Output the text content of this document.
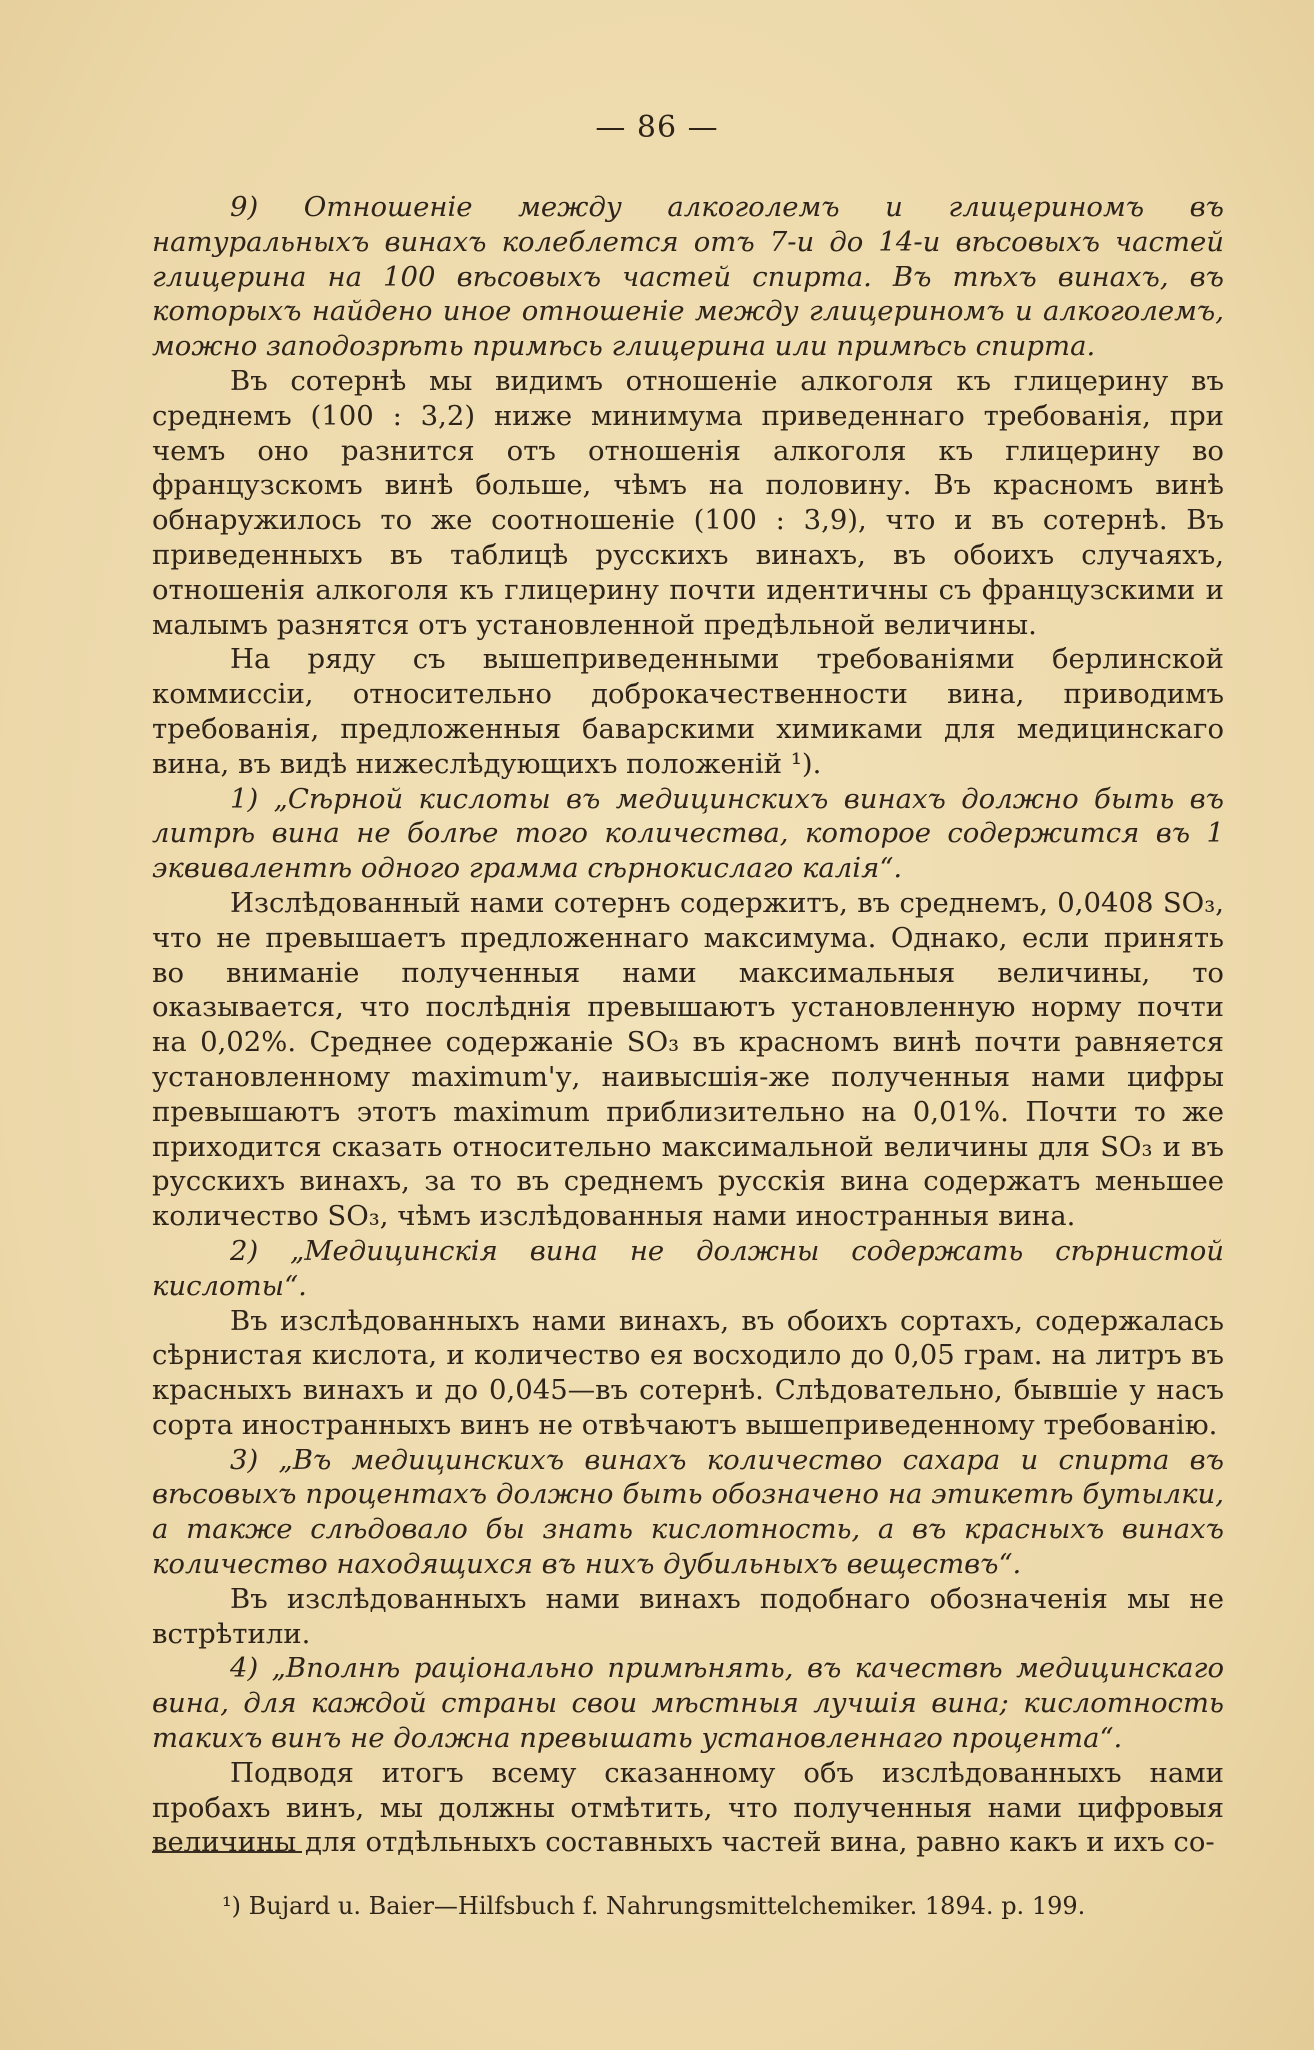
— 86 —

9) Отношеніе между алкоголемъ и глицериномъ въ натуральныхъ винахъ колеблется отъ 7-и до 14-и вѣсовыхъ частей глицерина на 100 вѣсовыхъ частей спирта. Въ тѣхъ винахъ, въ которыхъ найдено иное отношеніе между глицериномъ и алкоголемъ, можно заподозрѣть примѣсь глицерина или примѣсь спирта.

Въ сотернѣ мы видимъ отношеніе алкоголя къ глицерину въ среднемъ (100 : 3,2) ниже минимума приведеннаго требованія, при чемъ оно разнится отъ отношенія алкоголя къ глицерину во французскомъ винѣ больше, чѣмъ на половину. Въ красномъ винѣ обнаружилось то же соотношеніе (100 : 3,9), что и въ сотернѣ. Въ приведенныхъ въ таблицѣ русскихъ винахъ, въ обоихъ случаяхъ, отношенія алкоголя къ глицерину почти идентичны съ французскими и малымъ разнятся отъ установленной предѣльной величины.

На ряду съ вышеприведенными требованіями берлинской коммиссіи, относительно доброкачественности вина, приводимъ требованія, предложенныя баварскими химиками для медицинскаго вина, въ видѣ нижеслѣдующихъ положеній ¹).

1) „Сѣрной кислоты въ медицинскихъ винахъ должно быть въ литрѣ вина не болѣе того количества, которое содержится въ 1 эквивалентѣ одного грамма сѣрнокислаго калія“.

Изслѣдованный нами сотернъ содержитъ, въ среднемъ, 0,0408 SO₃, что не превышаетъ предложеннаго максимума. Однако, если принять во вниманіе полученныя нами максимальныя величины, то оказывается, что послѣднія превышаютъ установленную норму почти на 0,02%. Среднее содержаніе SO₃ въ красномъ винѣ почти равняется установленному maximum'у, наивысшія-же полученныя нами цифры превышаютъ этотъ maximum приблизительно на 0,01%. Почти то же приходится сказать относительно максимальной величины для SO₃ и въ русскихъ винахъ, за то въ среднемъ русскія вина содержатъ меньшее количество SO₃, чѣмъ изслѣдованныя нами иностранныя вина.

2) „Медицинскія вина не должны содержать сѣрнистой кислоты“.

Въ изслѣдованныхъ нами винахъ, въ обоихъ сортахъ, содержалась сѣрнистая кислота, и количество ея восходило до 0,05 грам. на литръ въ красныхъ винахъ и до 0,045—въ сотернѣ. Слѣдовательно, бывшіе у насъ сорта иностранныхъ винъ не отвѣчаютъ вышеприведенному требованію.

3) „Въ медицинскихъ винахъ количество сахара и спирта въ вѣсовыхъ процентахъ должно быть обозначено на этикетѣ бутылки, а также слѣдовало бы знать кислотность, а въ красныхъ винахъ количество находящихся въ нихъ дубильныхъ веществъ“.

Въ изслѣдованныхъ нами винахъ подобнаго обозначенія мы не встрѣтили.

4) „Вполнѣ раціонально примѣнять, въ качествѣ медицинскаго вина, для каждой страны свои мѣстныя лучшія вина; кислотность такихъ винъ не должна превышать установленнаго процента“.

Подводя итогъ всему сказанному объ изслѣдованныхъ нами пробахъ винъ, мы должны отмѣтить, что полученныя нами цифровыя величины для отдѣльныхъ составныхъ частей вина, равно какъ и ихъ со-

¹) Bujard u. Baier—Hilfsbuch f. Nahrungsmittelchemiker. 1894. p. 199.
